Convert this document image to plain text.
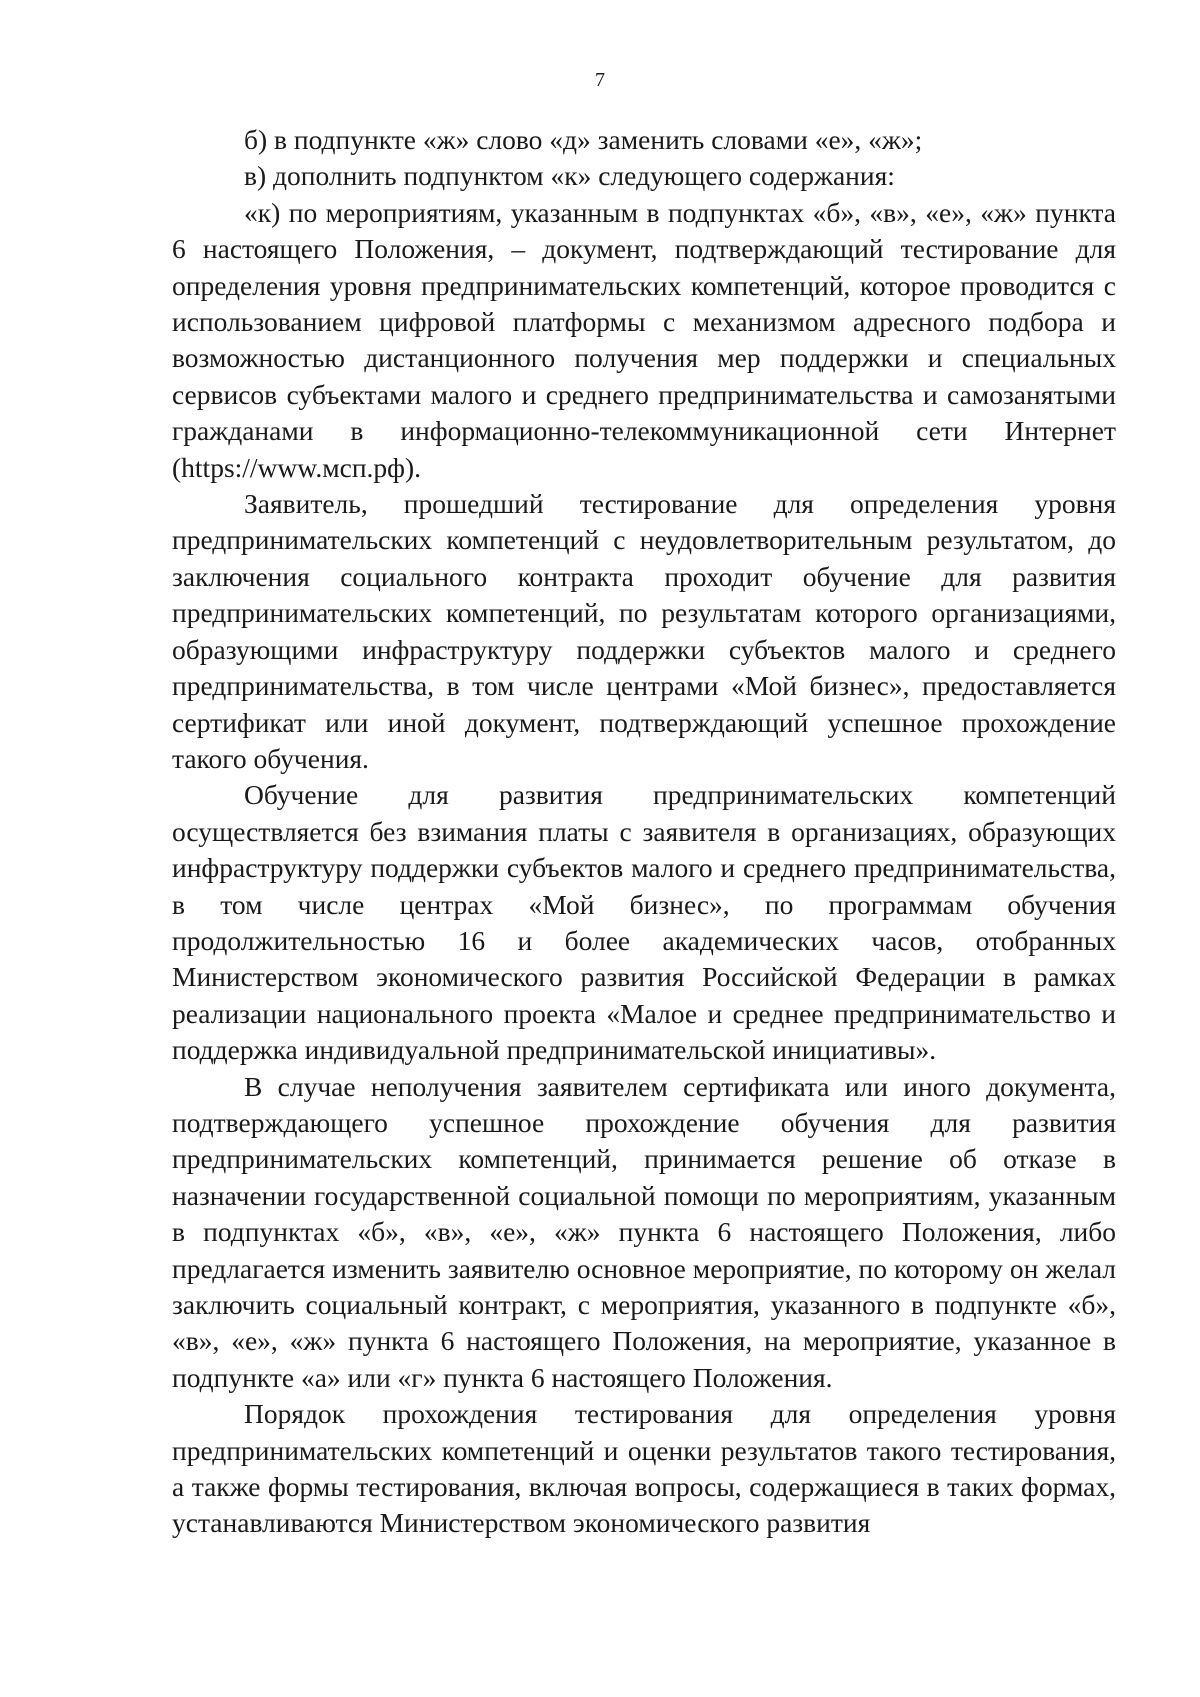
7

б) в подпункте «ж» слово «д» заменить словами «е», «ж»;

в) дополнить подпунктом «к» следующего содержания:

«к) по мероприятиям, указанным в подпунктах «б», «в», «е», «ж» пункта 6 настоящего Положения, – документ, подтверждающий тестирование для определения уровня предпринимательских компетенций, которое проводится с использованием цифровой платформы с механизмом адресного подбора и возможностью дистанционного получения мер поддержки и специальных сервисов субъектами малого и среднего предпринимательства и самозанятыми гражданами в информационно-телекоммуникационной сети Интернет (https://www.мсп.рф).

Заявитель, прошедший тестирование для определения уровня предпринимательских компетенций с неудовлетворительным результатом, до заключения социального контракта проходит обучение для развития предпринимательских компетенций, по результатам которого организациями, образующими инфраструктуру поддержки субъектов малого и среднего предпринимательства, в том числе центрами «Мой бизнес», предоставляется сертификат или иной документ, подтверждающий успешное прохождение такого обучения.

Обучение для развития предпринимательских компетенций осуществляется без взимания платы с заявителя в организациях, образующих инфраструктуру поддержки субъектов малого и среднего предпринимательства, в том числе центрах «Мой бизнес», по программам обучения продолжительностью 16 и более академических часов, отобранных Министерством экономического развития Российской Федерации в рамках реализации национального проекта «Малое и среднее предпринимательство и поддержка индивидуальной предпринимательской инициативы».

В случае неполучения заявителем сертификата или иного документа, подтверждающего успешное прохождение обучения для развития предпринимательских компетенций, принимается решение об отказе в назначении государственной социальной помощи по мероприятиям, указанным в подпунктах «б», «в», «е», «ж» пункта 6 настоящего Положения, либо предлагается изменить заявителю основное мероприятие, по которому он желал заключить социальный контракт, с мероприятия, указанного в подпункте «б», «в», «е», «ж» пункта 6 настоящего Положения, на мероприятие, указанное в подпункте «а» или «г» пункта 6 настоящего Положения.

Порядок прохождения тестирования для определения уровня предпринимательских компетенций и оценки результатов такого тестирования, а также формы тестирования, включая вопросы, содержащиеся в таких формах, устанавливаются Министерством экономического развития
